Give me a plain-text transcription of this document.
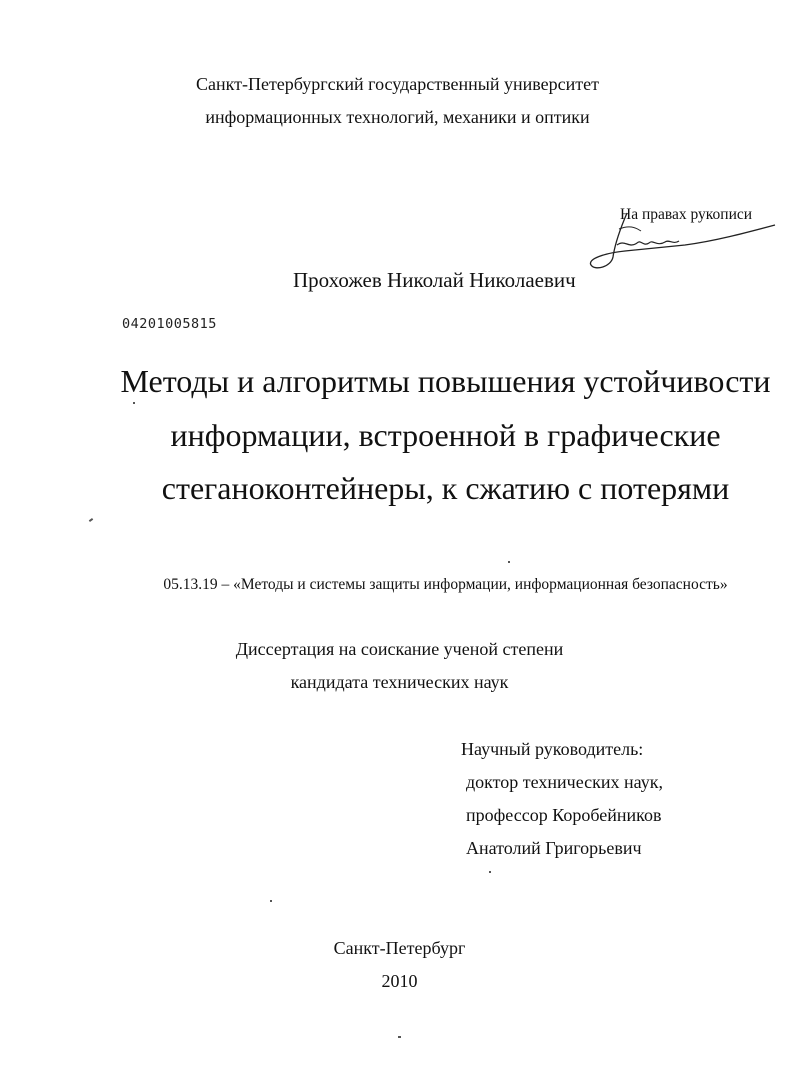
Санкт-Петербургский государственный университет
информационных технологий, механики и оптики
На правах рукописи
Прохожев Николай Николаевич
04201005815
Методы и алгоритмы повышения устойчивости
информации, встроенной в графические
стеганоконтейнеры, к сжатию с потерями
05.13.19 – «Методы и системы защиты информации, информационная безопасность»
Диссертация на соискание ученой степени
кандидата технических наук
Научный руководитель:
доктор технических наук,
профессор Коробейников
Анатолий Григорьевич
Санкт-Петербург
2010
